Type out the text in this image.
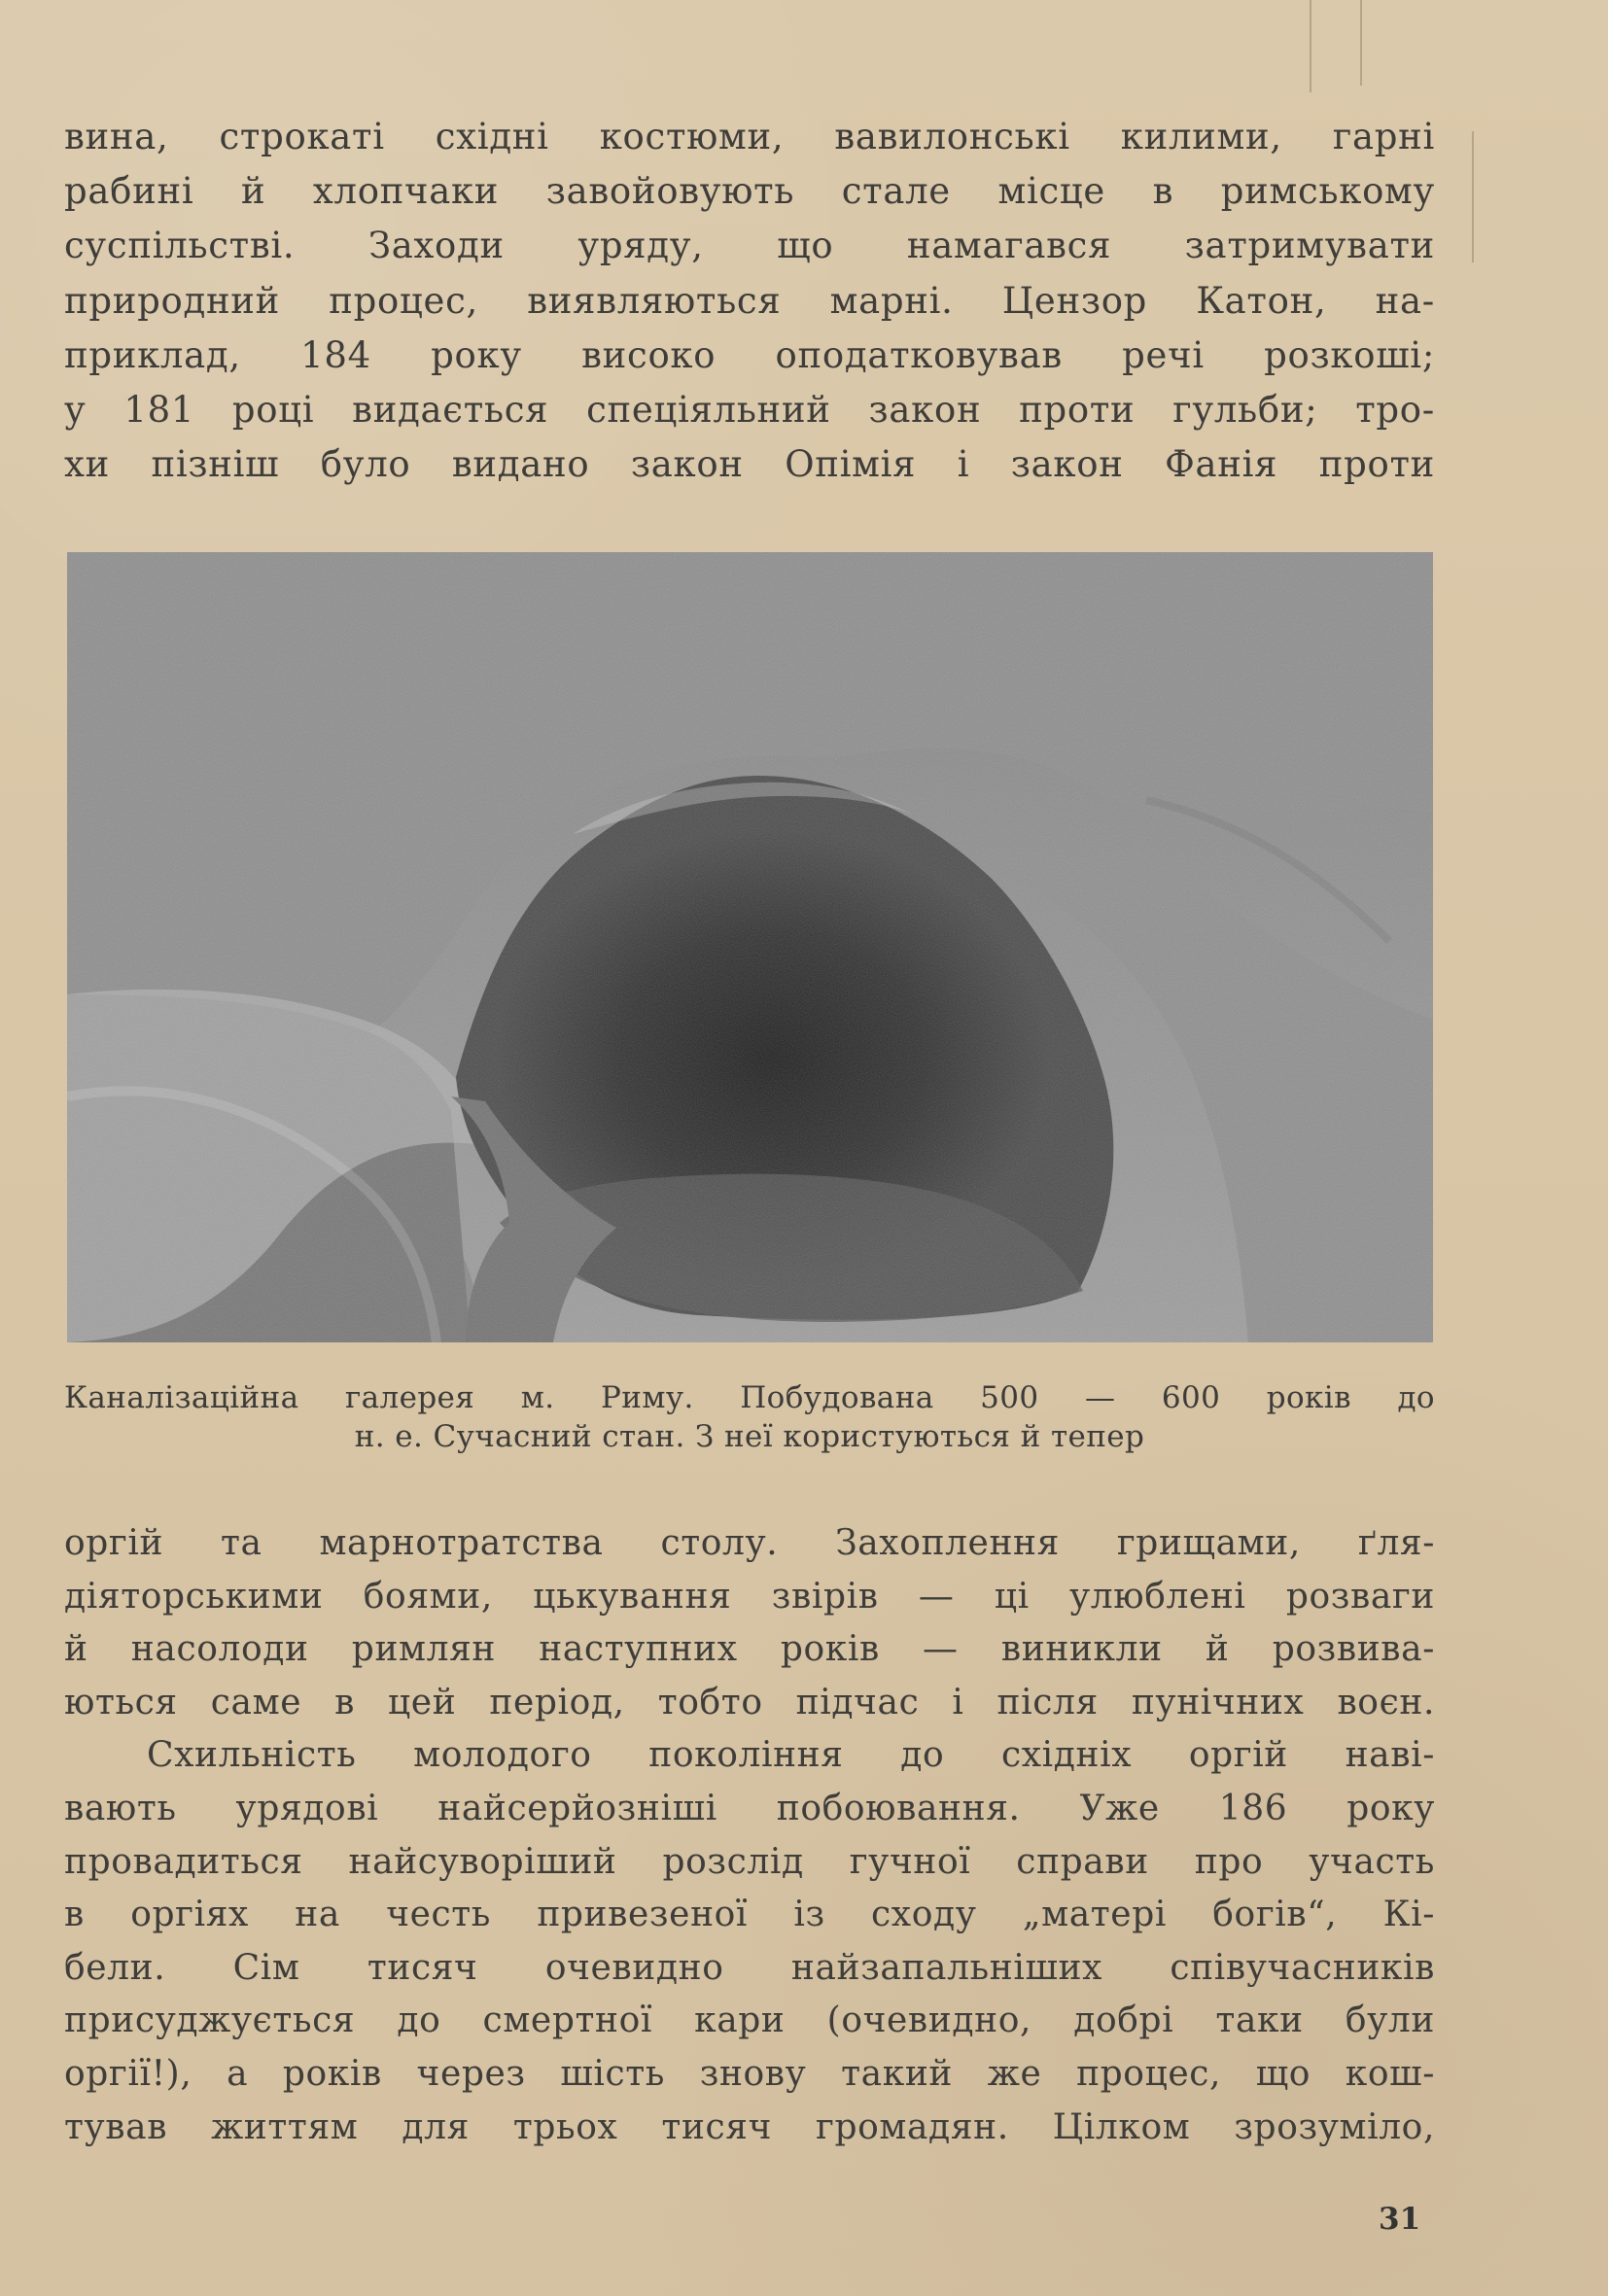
вина, строкаті східні костюми, вавилонські килими, гарні
рабині й хлопчаки завойовують стале місце в римському
суспільстві. Заходи уряду, що намагався затримувати
природний процес, виявляються марні. Цензор Катон, на-
приклад, 184 року високо оподатковував речі розкоші;
у 181 році видається спеціяльний закон проти гульби; тро-
хи пізніш було видано закон Опімія і закон Фанія проти
Каналізаційна галерея м. Риму. Побудована 500 — 600 років до
н. е. Сучасний стан. З неї користуються й тепер
оргій та марнотратства столу. Захоплення грищами, ґля-
діяторськими боями, цькування звірів — ці улюблені розваги
й насолоди римлян наступних років — виникли й розвива-
ються саме в цей період, тобто підчас і після пунічних воєн.
Схильність молодого покоління до східніх оргій наві-
вають урядові найсерйозніші побоювання. Уже 186 року
провадиться найсуворіший розслід гучної справи про участь
в оргіях на честь привезеної із сходу „матері богів“, Кі-
бели. Сім тисяч очевидно найзапальніших співучасників
присуджується до смертної кари (очевидно, добрі таки були
оргії!), а років через шість знову такий же процес, що кош-
тував життям для трьох тисяч громадян. Цілком зрозуміло,
31
